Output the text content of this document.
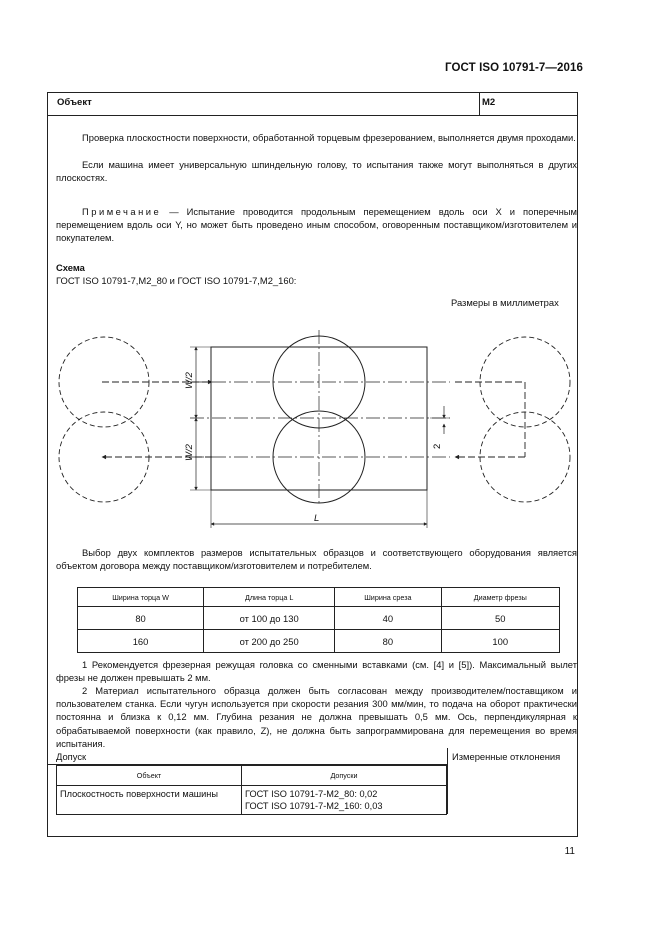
ГОСТ ISO 10791-7—2016
Объект	М2
Проверка плоскостности поверхности, обработанной торцевым фрезерованием, выполняется двумя проходами.
Если машина имеет универсальную шпиндельную голову, то испытания также могут выполняться в других плоскостях.
Примечание — Испытание проводится продольным перемещением вдоль оси X и поперечным перемещением вдоль оси Y, но может быть проведено иным способом, оговоренным поставщиком/изготовителем и покупателем.
Схема
ГОСТ ISO 10791-7,M2_80 и ГОСТ ISO 10791-7,M2_160:
Размеры в миллиметрах
W/2
W/2	2
L
Выбор двух комплектов размеров испытательных образцов и соответствующего оборудования является объектом договора между поставщиком/изготовителем и потребителем.
Ширина торца W	Длина торца L	Ширина среза	Диаметр фрезы
80	от 100 до 130	40	50
160	от 200 до 250	80	100
1 Рекомендуется фрезерная режущая головка со сменными вставками (см. [4] и [5]). Максимальный вылет фрезы не должен превышать 2 мм.
2 Материал испытательного образца должен быть согласован между производителем/поставщиком и пользователем станка. Если чугун используется при скорости резания 300 мм/мин, то подача на оборот практически постоянна и близка к 0,12 мм. Глубина резания не должна превышать 0,5 мм. Ось, перпендикулярная к обрабатываемой поверхности (как правило, Z), не должна быть запрограммирована для перемещения во время испытания.
Допуск	Измеренные отклонения
Объект	Допуски
Плоскостность поверхности машины	ГОСТ ISO 10791-7-M2_80: 0,02
ГОСТ ISO 10791-7-M2_160: 0,03
11
